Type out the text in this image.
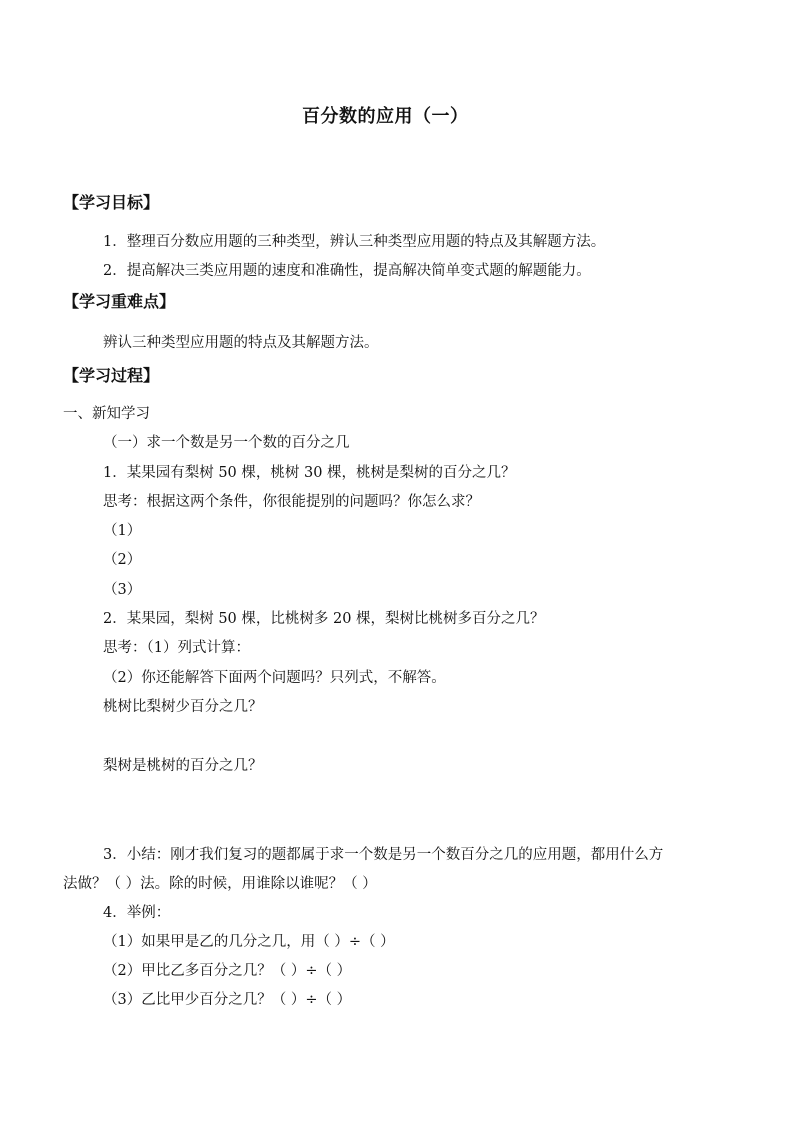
百分数的应用（一）
【学习目标】
1．整理百分数应用题的三种类型，辨认三种类型应用题的特点及其解题方法。
2．提高解决三类应用题的速度和准确性，提高解决简单变式题的解题能力。
【学习重难点】
辨认三种类型应用题的特点及其解题方法。
【学习过程】
一、新知学习
（一）求一个数是另一个数的百分之几
1．某果园有梨树 50 棵，桃树 30 棵，桃树是梨树的百分之几？
思考：根据这两个条件，你很能提别的问题吗？你怎么求？
（1）
（2）
（3）
2．某果园，梨树 50 棵，比桃树多 20 棵，梨树比桃树多百分之几？
思考：（1）列式计算：
（2）你还能解答下面两个问题吗？只列式，不解答。
桃树比梨树少百分之几？
梨树是桃树的百分之几？
3．小结：刚才我们复习的题都属于求一个数是另一个数百分之几的应用题，都用什么方
法做？（ ）法。除的时候，用谁除以谁呢？（ ）
4．举例：
（1）如果甲是乙的几分之几，用（ ）÷（ ）
（2）甲比乙多百分之几？（ ）÷（ ）
（3）乙比甲少百分之几？（ ）÷（ ）
